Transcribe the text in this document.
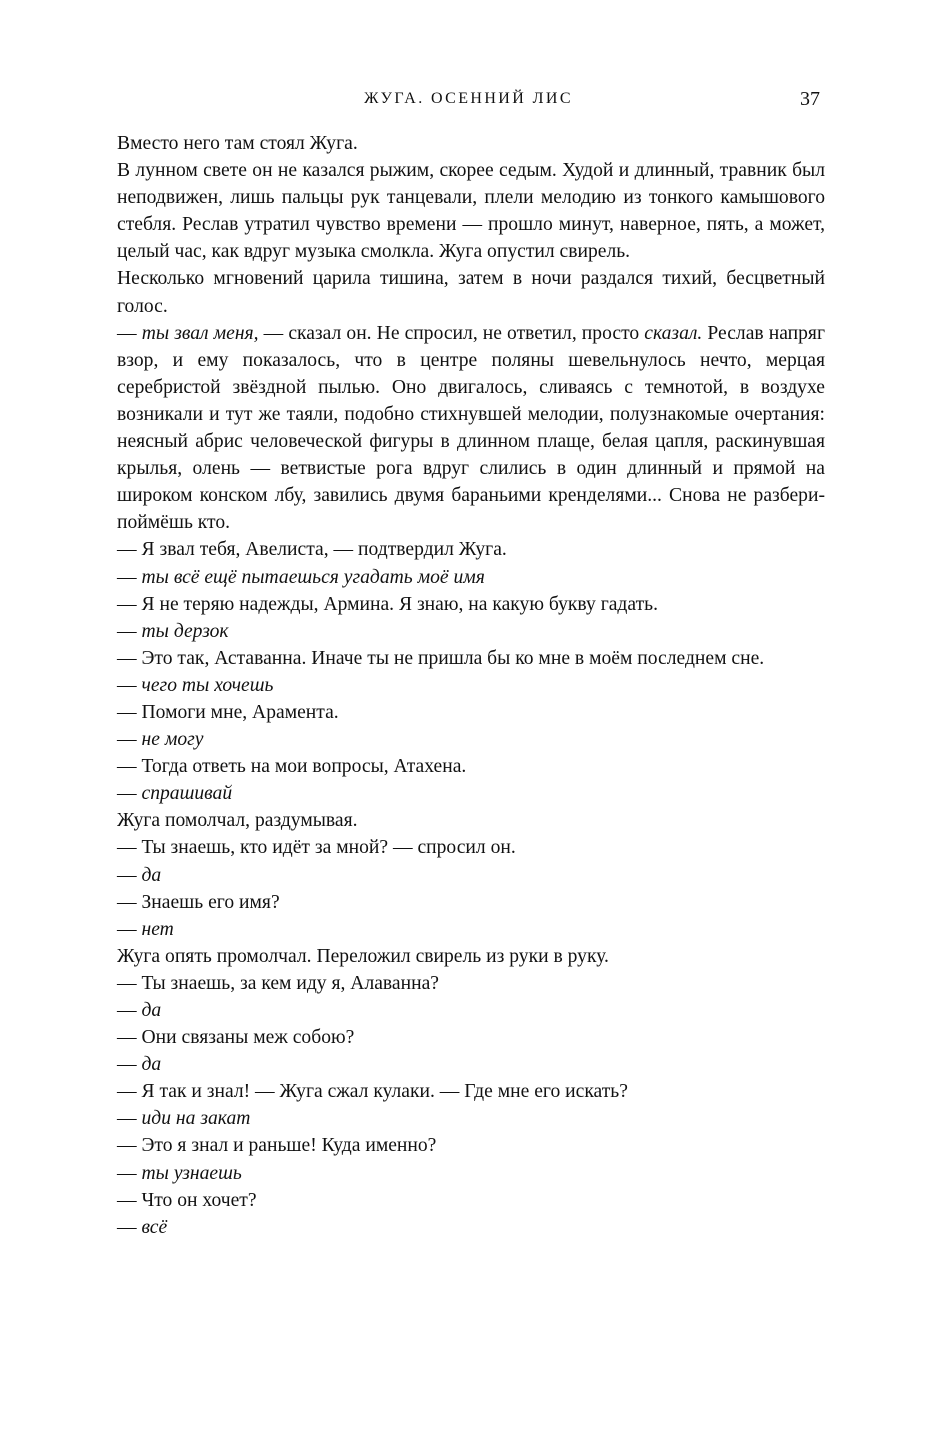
ЖУГА. ОСЕННИЙ ЛИС	37

Вместо него там стоял Жуга.

В лунном свете он не казался рыжим, скорее седым. Худой и длинный, травник был неподвижен, лишь пальцы рук танцевали, плели мелодию из тонкого камышового стебля. Реслав утратил чувство времени — прошло минут, наверное, пять, а может, целый час, как вдруг музыка смолкла. Жуга опустил свирель.

Несколько мгновений царила тишина, затем в ночи раздался тихий, бесцветный голос.

— ты звал меня, — сказал он. Не спросил, не ответил, просто сказал. Реслав напряг взор, и ему показалось, что в центре поляны шевельнулось нечто, мерцая серебристой звёздной пылью. Оно двигалось, сливаясь с темнотой, в воздухе возникали и тут же таяли, подобно стихнувшей мелодии, полузнакомые очертания: неясный абрис человеческой фигуры в длинном плаще, белая цапля, раскинувшая крылья, олень — ветвистые рога вдруг слились в один длинный и прямой на широком конском лбу, завились двумя бараньими кренделями... Снова не разбери-поймёшь кто.

— Я звал тебя, Авелиста, — подтвердил Жуга.

— ты всё ещё пытаешься угадать моё имя

— Я не теряю надежды, Армина. Я знаю, на какую букву гадать.

— ты дерзок

— Это так, Аставанна. Иначе ты не пришла бы ко мне в моём последнем сне.

— чего ты хочешь

— Помоги мне, Арамента.

— не могу

— Тогда ответь на мои вопросы, Атахена.

— спрашивай

Жуга помолчал, раздумывая.

— Ты знаешь, кто идёт за мной? — спросил он.

— да

— Знаешь его имя?

— нет

Жуга опять промолчал. Переложил свирель из руки в руку.

— Ты знаешь, за кем иду я, Алаванна?

— да

— Они связаны меж собою?

— да

— Я так и знал! — Жуга сжал кулаки. — Где мне его искать?

— иди на закат

— Это я знал и раньше! Куда именно?

— ты узнаешь

— Что он хочет?

— всё
